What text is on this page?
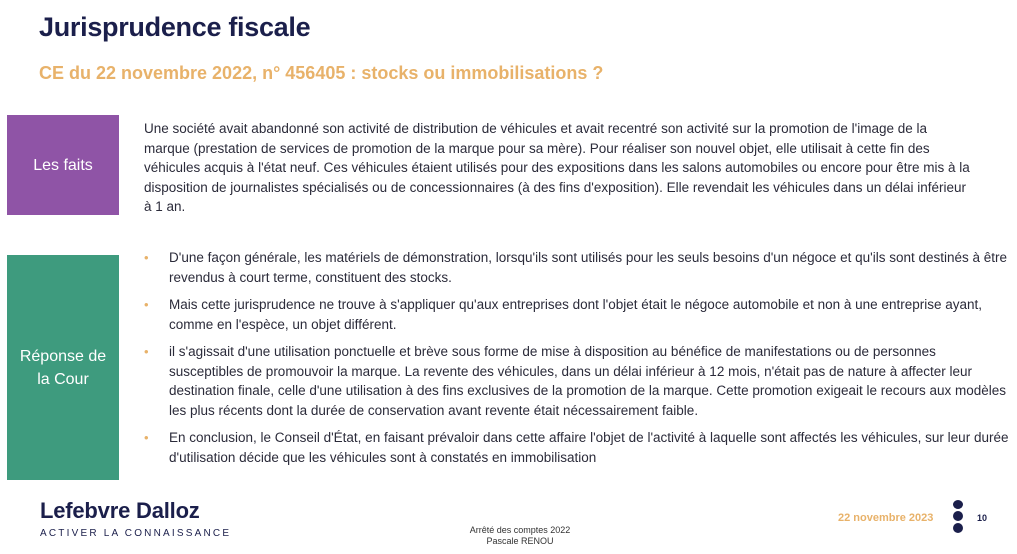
Jurisprudence fiscale
CE du 22 novembre 2022, n° 456405 : stocks ou immobilisations ?
Les faits

Une société avait abandonné son activité de distribution de véhicules et avait recentré son activité sur la promotion de l'image de la marque (prestation de services de promotion de la marque pour sa mère). Pour réaliser son nouvel objet, elle utilisait à cette fin des véhicules acquis à l'état neuf. Ces véhicules étaient utilisés pour des expositions dans les salons automobiles ou encore pour être mis à la disposition de journalistes spécialisés ou de concessionnaires (à des fins d'exposition). Elle revendait les véhicules dans un délai inférieur à 1 an.

Réponse de
la Cour
• D'une façon générale, les matériels de démonstration, lorsqu'ils sont utilisés pour les seuls besoins d'un négoce et qu'ils sont destinés à être revendus à court terme, constituent des stocks.
• Mais cette jurisprudence ne trouve à s'appliquer qu'aux entreprises dont l'objet était le négoce automobile et non à une entreprise ayant, comme en l'espèce, un objet différent.
• il s'agissait d'une utilisation ponctuelle et brève sous forme de mise à disposition au bénéfice de manifestations ou de personnes susceptibles de promouvoir la marque. La revente des véhicules, dans un délai inférieur à 12 mois, n'était pas de nature à affecter leur destination finale, celle d'une utilisation à des fins exclusives de la promotion de la marque. Cette promotion exigeait le recours aux modèles les plus récents dont la durée de conservation avant revente était nécessairement faible.
• En conclusion, le Conseil d'État, en faisant prévaloir dans cette affaire l'objet de l'activité à laquelle sont affectés les véhicules, sur leur durée d'utilisation décide que les véhicules sont à constatés en immobilisation
Lefebvre Dalloz
ACTIVER LA CONNAISSANCE	Arrêté des comptes 2022
Pascale RENOU
22 novembre 2023	10
